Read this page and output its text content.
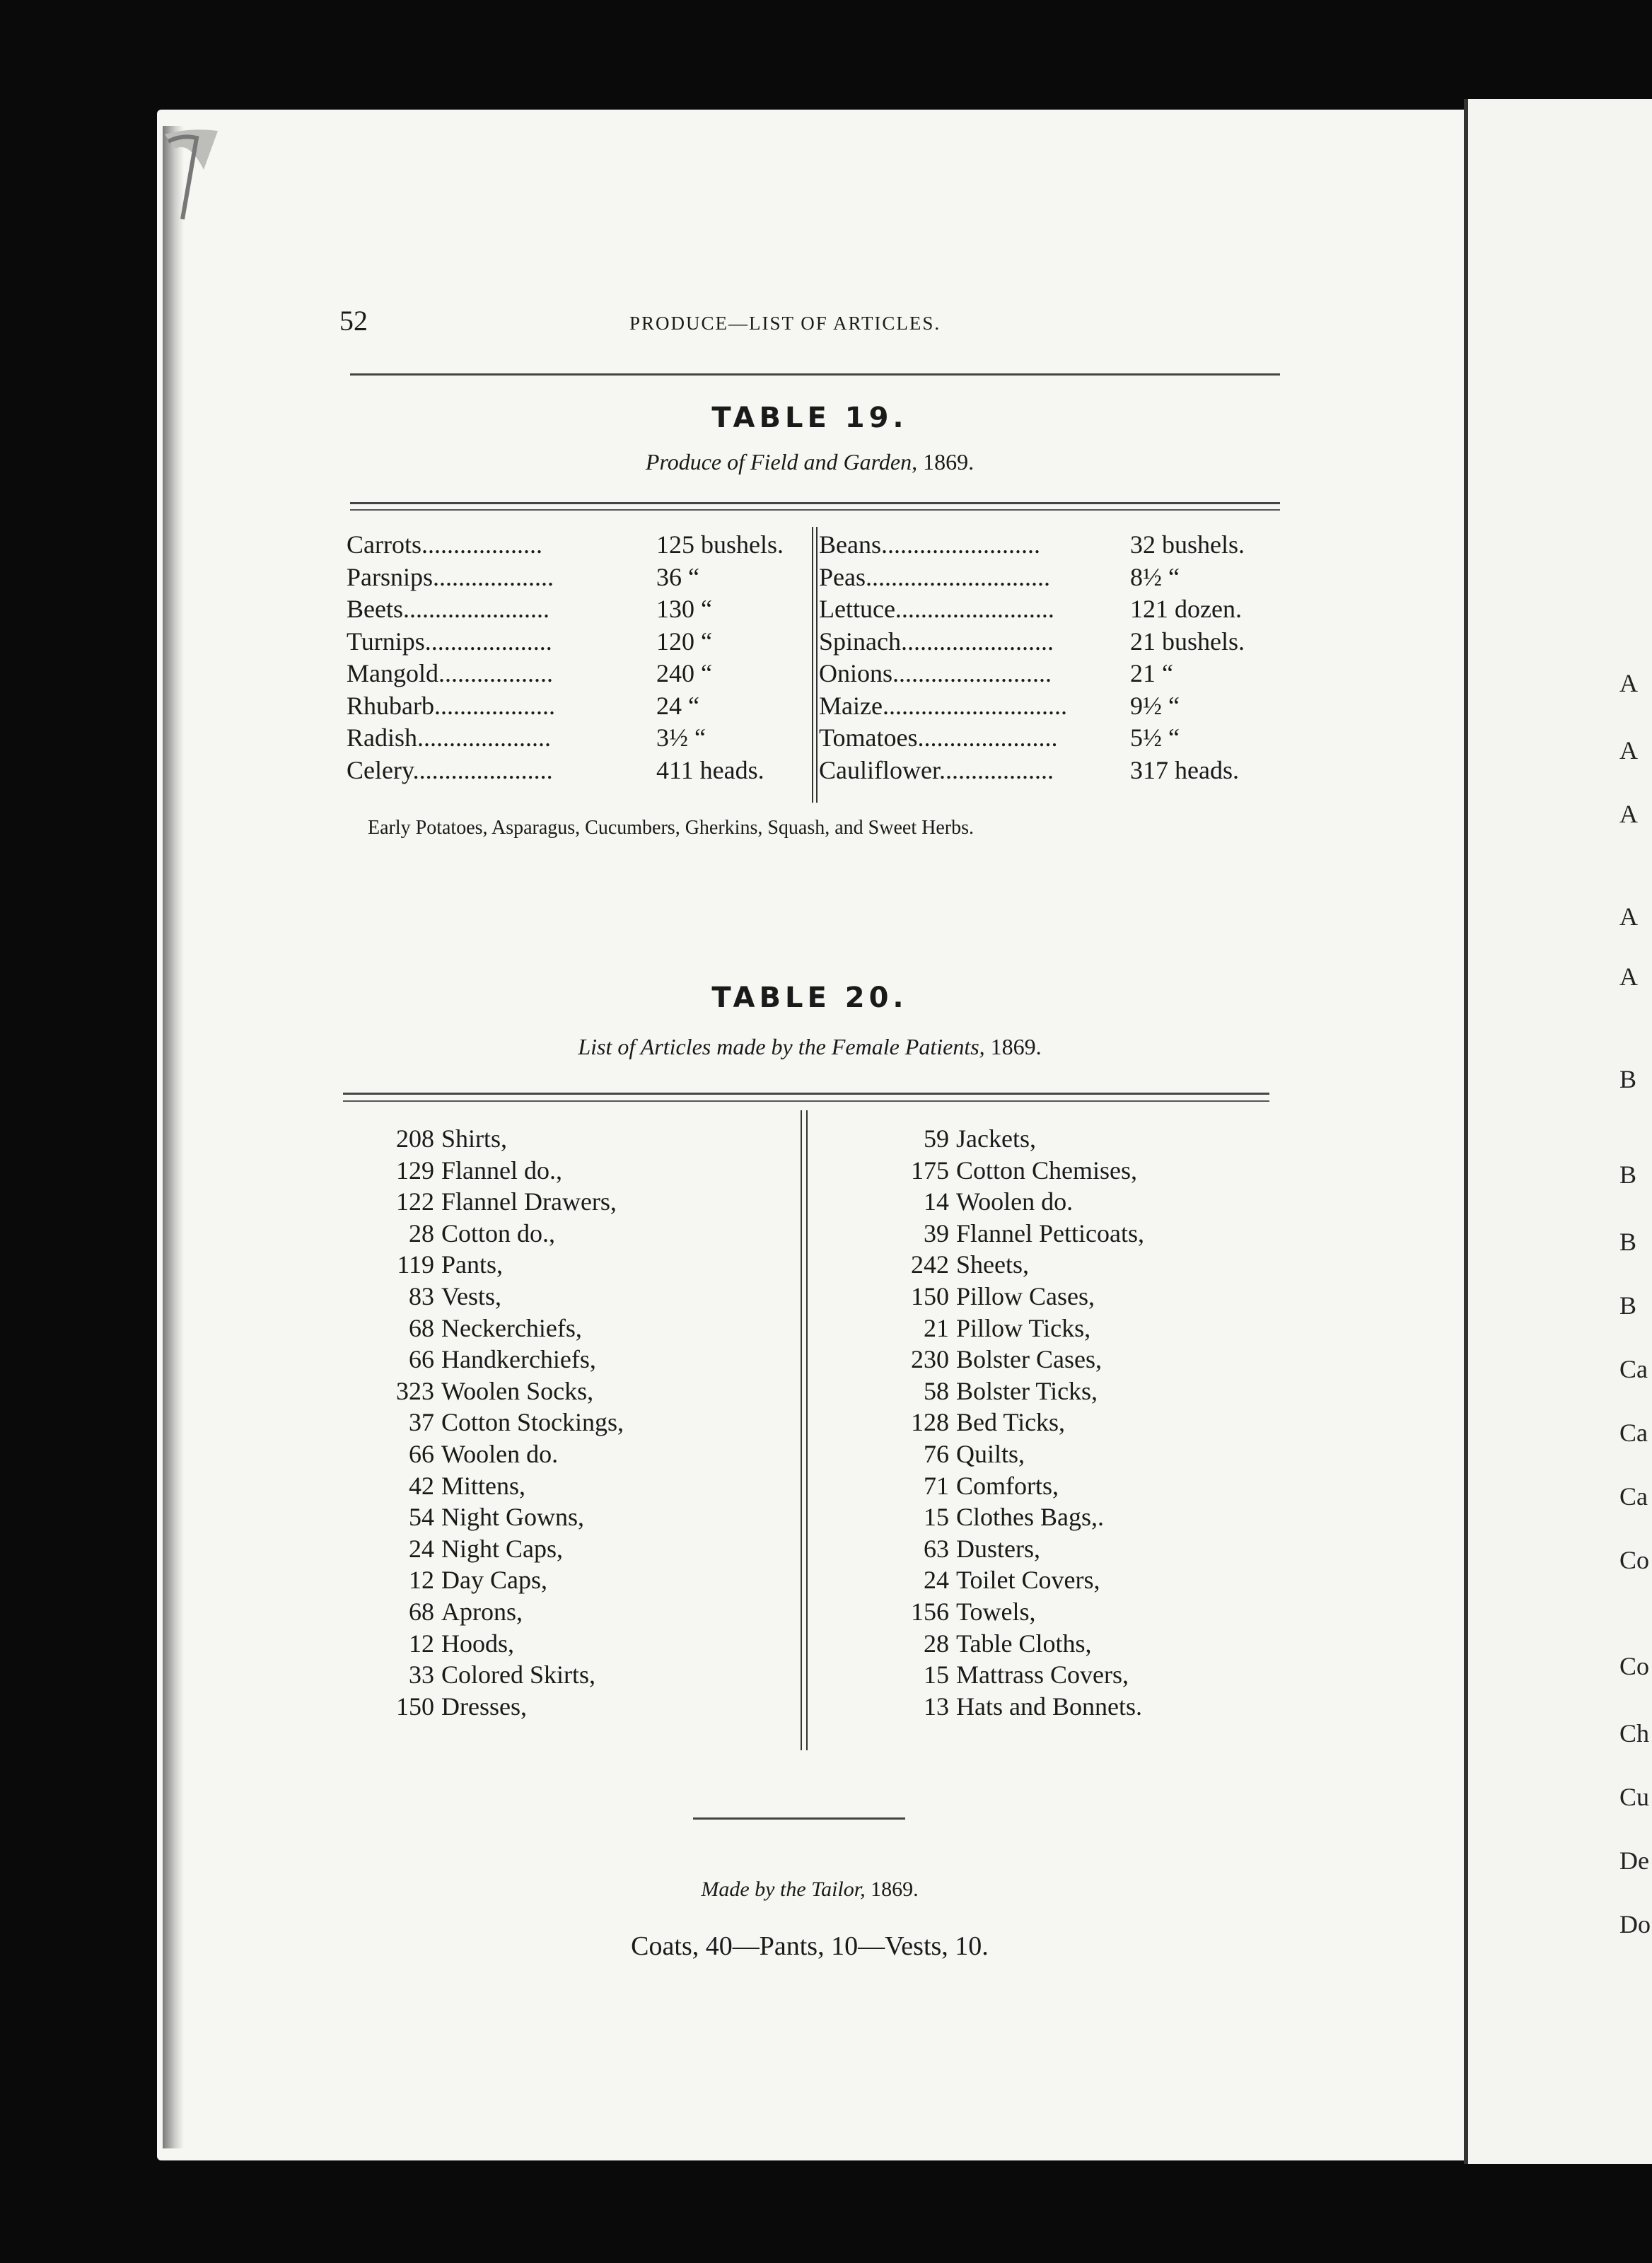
A
A
A
A
A
B
B
B
B
Ca
Ca
Ca
Co
Co
Ch
Cu
De
Do
52	PRODUCE—LIST OF ARTICLES.
TABLE 19.
Produce of Field and Garden, 1869.
Carrots...................	125 bushels.
Parsnips...................	36 “
Beets.......................	130 “
Turnips....................	120 “
Mangold..................	240 “
Rhubarb...................	24 “
Radish.....................	3½ “
Celery......................	411 heads.
Beans.........................	32 bushels.
Peas.............................	8½ “
Lettuce.........................	121 dozen.
Spinach........................	21 bushels.
Onions.........................	21 “
Maize............................. 9½ “
Tomatoes......................	5½ “
Cauliflower..................	317 heads.
Early Potatoes, Asparagus, Cucumbers, Gherkins, Squash, and Sweet Herbs.
TABLE 20.
List of Articles made by the Female Patients, 1869.
208 Shirts,
129 Flannel do.,
122 Flannel Drawers,
28 Cotton do.,
119 Pants,
83 Vests,
68 Neckerchiefs,
66 Handkerchiefs,
323 Woolen Socks,
37 Cotton Stockings,
66 Woolen do.
42 Mittens,
54 Night Gowns,
24 Night Caps,
12 Day Caps,
68 Aprons,
12 Hoods,
33 Colored Skirts,
150 Dresses,
59 Jackets,
175 Cotton Chemises,
14 Woolen do.
39 Flannel Petticoats,
242 Sheets,
150 Pillow Cases,
21 Pillow Ticks,
230 Bolster Cases,
58 Bolster Ticks,
128 Bed Ticks,
76 Quilts,
71 Comforts,
15 Clothes Bags,.
63 Dusters,
24 Toilet Covers,
156 Towels,
28 Table Cloths,
15 Mattrass Covers,
13 Hats and Bonnets.
Made by the Tailor, 1869.
Coats, 40—Pants, 10—Vests, 10.
